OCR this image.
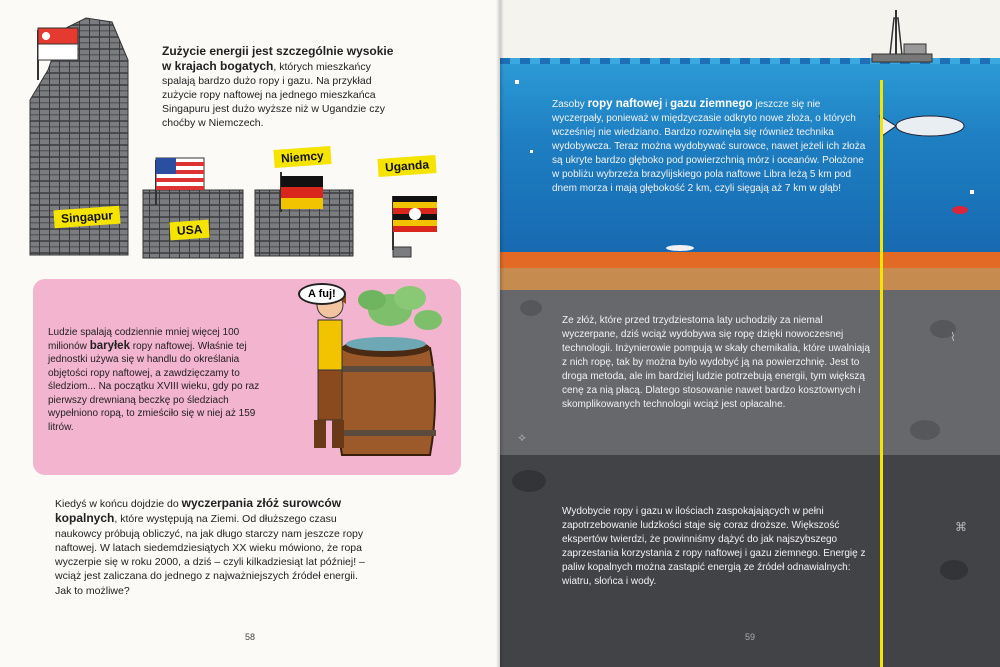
Zużycie energii jest szczególnie wysokie w krajach bogatych, których mieszkańcy spalają bardzo dużo ropy i gazu. Na przykład zużycie ropy naftowej na jednego mieszkańca Singapuru jest dużo wyższe niż w Ugandzie czy choćby w Niemczech.
Singapur
USA
Niemcy
Uganda
A fuj!
Ludzie spalają codziennie mniej więcej 100 milionów baryłek ropy naftowej. Właśnie tej jednostki używa się w handlu do określania objętości ropy naftowej, a zawdzięczamy to śledziom... Na początku XVIII wieku, gdy po raz pierwszy drewnianą beczkę po śledziach wypełniono ropą, to zmieściło się w niej aż 159 litrów.
Kiedyś w końcu dojdzie do wyczerpania złóż surowców kopalnych, które występują na Ziemi. Od dłuższego czasu naukowcy próbują obliczyć, na jak długo starczy nam jeszcze ropy naftowej. W latach siedemdziesiątych XX wieku mówiono, że ropa wyczerpie się w roku 2000, a dziś – czyli kilkadziesiąt lat później! – wciąż jest zaliczana do jednego z najważniejszych źródeł energii. Jak to możliwe?
58
⌇
⟡
⌘
Zasoby ropy naftowej i gazu ziemnego jeszcze się nie wyczerpały, ponieważ w międzyczasie odkryto nowe złoża, o których wcześniej nie wiedziano. Bardzo rozwinęła się również technika wydobywcza. Teraz można wydobywać surowce, nawet jeżeli ich złoża są ukryte bardzo głęboko pod powierzchnią mórz i oceanów. Położone w pobliżu wybrzeża brazylijskiego pola naftowe Libra leżą 5 km pod dnem morza i mają głębokość 2 km, czyli sięgają aż 7 km w głąb!
Ze złóż, które przed trzydziestoma laty uchodziły za niemal wyczerpane, dziś wciąż wydobywa się ropę dzięki nowoczesnej technologii. Inżynierowie pompują w skały chemikalia, które uwalniają z nich ropę, tak by można było wydobyć ją na powierzchnię. Jest to droga metoda, ale im bardziej ludzie potrzebują energii, tym większą cenę za nią płacą. Dlatego stosowanie nawet bardzo kosztownych i skomplikowanych technologii wciąż jest opłacalne.
Wydobycie ropy i gazu w ilościach zaspokajających w pełni zapotrzebowanie ludzkości staje się coraz droższe. Większość ekspertów twierdzi, że powinniśmy dążyć do jak najszybszego zaprzestania korzystania z ropy naftowej i gazu ziemnego. Energię z paliw kopalnych można zastąpić energią ze źródeł odnawialnych: wiatru, słońca i wody.
59
